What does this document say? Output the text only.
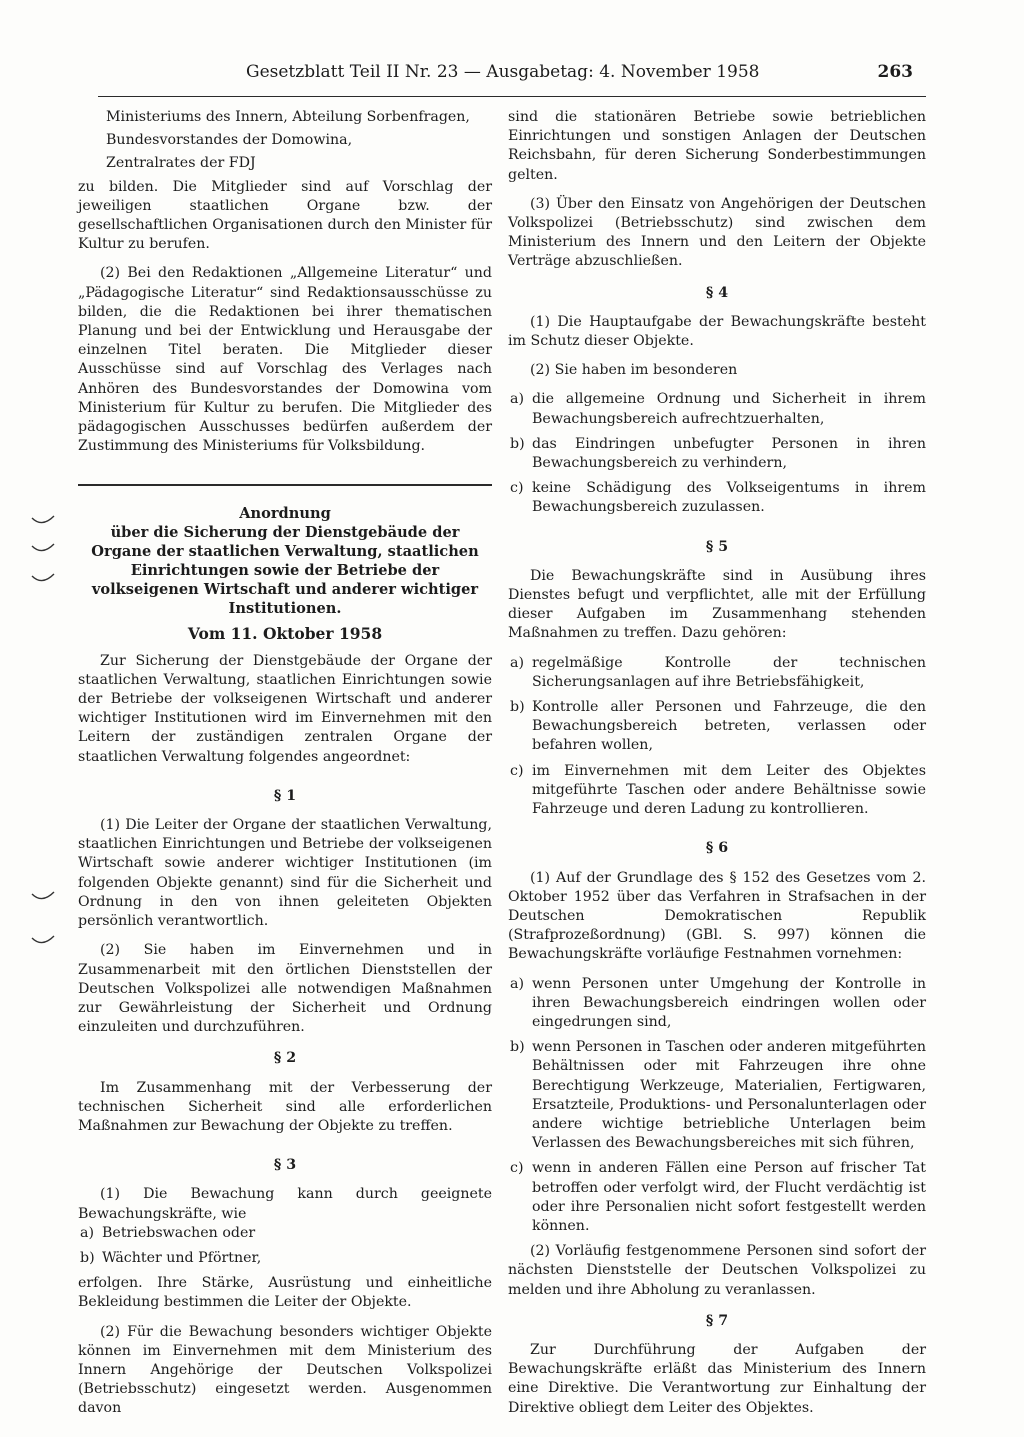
Gesetzblatt Teil II Nr. 23 — Ausgabetag: 4. November 1958	263
Ministeriums des Innern, Abteilung Sorbenfragen,
Bundesvorstandes der Domowina,
Zentralrates der FDJ

zu bilden. Die Mitglieder sind auf Vorschlag der jeweiligen staatlichen Organe bzw. der gesellschaftlichen Organisationen durch den Minister für Kultur zu berufen.

(2) Bei den Redaktionen „Allgemeine Literatur“ und „Pädagogische Literatur“ sind Redaktionsausschüsse zu bilden, die die Redaktionen bei ihrer thematischen Planung und bei der Entwicklung und Herausgabe der einzelnen Titel beraten. Die Mitglieder dieser Ausschüsse sind auf Vorschlag des Verlages nach Anhören des Bundesvorstandes der Domowina vom Ministerium für Kultur zu berufen. Die Mitglieder des pädagogischen Ausschusses bedürfen außerdem der Zustimmung des Ministeriums für Volksbildung.

Anordnung

über die Sicherung der Dienstgebäude der Organe der staatlichen Verwaltung, staatlichen Einrichtungen sowie der Betriebe der volkseigenen Wirtschaft und anderer wichtiger Institutionen.

Vom 11. Oktober 1958

Zur Sicherung der Dienstgebäude der Organe der staatlichen Verwaltung, staatlichen Einrichtungen sowie der Betriebe der volkseigenen Wirtschaft und anderer wichtiger Institutionen wird im Einvernehmen mit den Leitern der zuständigen zentralen Organe der staatlichen Verwaltung folgendes angeordnet:

§ 1

(1) Die Leiter der Organe der staatlichen Verwaltung, staatlichen Einrichtungen und Betriebe der volkseigenen Wirtschaft sowie anderer wichtiger Institutionen (im folgenden Objekte genannt) sind für die Sicherheit und Ordnung in den von ihnen geleiteten Objekten persönlich verantwortlich.

(2) Sie haben im Einvernehmen und in Zusammenarbeit mit den örtlichen Dienststellen der Deutschen Volkspolizei alle notwendigen Maßnahmen zur Gewährleistung der Sicherheit und Ordnung einzuleiten und durchzuführen.

§ 2

Im Zusammenhang mit der Verbesserung der technischen Sicherheit sind alle erforderlichen Maßnahmen zur Bewachung der Objekte zu treffen.

§ 3

(1) Die Bewachung kann durch geeignete Bewachungskräfte, wie

a) Betriebswachen oder
b) Wächter und Pförtner,

erfolgen. Ihre Stärke, Ausrüstung und einheitliche Bekleidung bestimmen die Leiter der Objekte.

(2) Für die Bewachung besonders wichtiger Objekte können im Einvernehmen mit dem Ministerium des Innern Angehörige der Deutschen Volkspolizei (Betriebsschutz) eingesetzt werden. Ausgenommen davon

sind die stationären Betriebe sowie betrieblichen Einrichtungen und sonstigen Anlagen der Deutschen Reichsbahn, für deren Sicherung Sonderbestimmungen gelten.

(3) Über den Einsatz von Angehörigen der Deutschen Volkspolizei (Betriebsschutz) sind zwischen dem Ministerium des Innern und den Leitern der Objekte Verträge abzuschließen.

§ 4

(1) Die Hauptaufgabe der Bewachungskräfte besteht im Schutz dieser Objekte.

(2) Sie haben im besonderen

a) die allgemeine Ordnung und Sicherheit in ihrem Bewachungsbereich aufrechtzuerhalten,
b) das Eindringen unbefugter Personen in ihren Bewachungsbereich zu verhindern,
c) keine Schädigung des Volkseigentums in ihrem Bewachungsbereich zuzulassen.
§ 5

Die Bewachungskräfte sind in Ausübung ihres Dienstes befugt und verpflichtet, alle mit der Erfüllung dieser Aufgaben im Zusammenhang stehenden Maßnahmen zu treffen. Dazu gehören:

a) regelmäßige Kontrolle der technischen Sicherungsanlagen auf ihre Betriebsfähigkeit,
b) Kontrolle aller Personen und Fahrzeuge, die den Bewachungsbereich betreten, verlassen oder befahren wollen,
c) im Einvernehmen mit dem Leiter des Objektes mitgeführte Taschen oder andere Behältnisse sowie Fahrzeuge und deren Ladung zu kontrollieren.
§ 6

(1) Auf der Grundlage des § 152 des Gesetzes vom 2. Oktober 1952 über das Verfahren in Strafsachen in der Deutschen Demokratischen Republik (Strafprozeßordnung) (GBl. S. 997) können die Bewachungskräfte vorläufige Festnahmen vornehmen:

a) wenn Personen unter Umgehung der Kontrolle in ihren Bewachungsbereich eindringen wollen oder eingedrungen sind,
b) wenn Personen in Taschen oder anderen mitgeführten Behältnissen oder mit Fahrzeugen ihre ohne Berechtigung Werkzeuge, Materialien, Fertigwaren, Ersatzteile, Produktions- und Personalunterlagen oder andere wichtige betriebliche Unterlagen beim Verlassen des Bewachungsbereiches mit sich führen,
c) wenn in anderen Fällen eine Person auf frischer Tat betroffen oder verfolgt wird, der Flucht verdächtig ist oder ihre Personalien nicht sofort festgestellt werden können.

(2) Vorläufig festgenommene Personen sind sofort der nächsten Dienststelle der Deutschen Volkspolizei zu melden und ihre Abholung zu veranlassen.

§ 7

Zur Durchführung der Aufgaben der Bewachungskräfte erläßt das Ministerium des Innern eine Direktive. Die Verantwortung zur Einhaltung der Direktive obliegt dem Leiter des Objektes.
